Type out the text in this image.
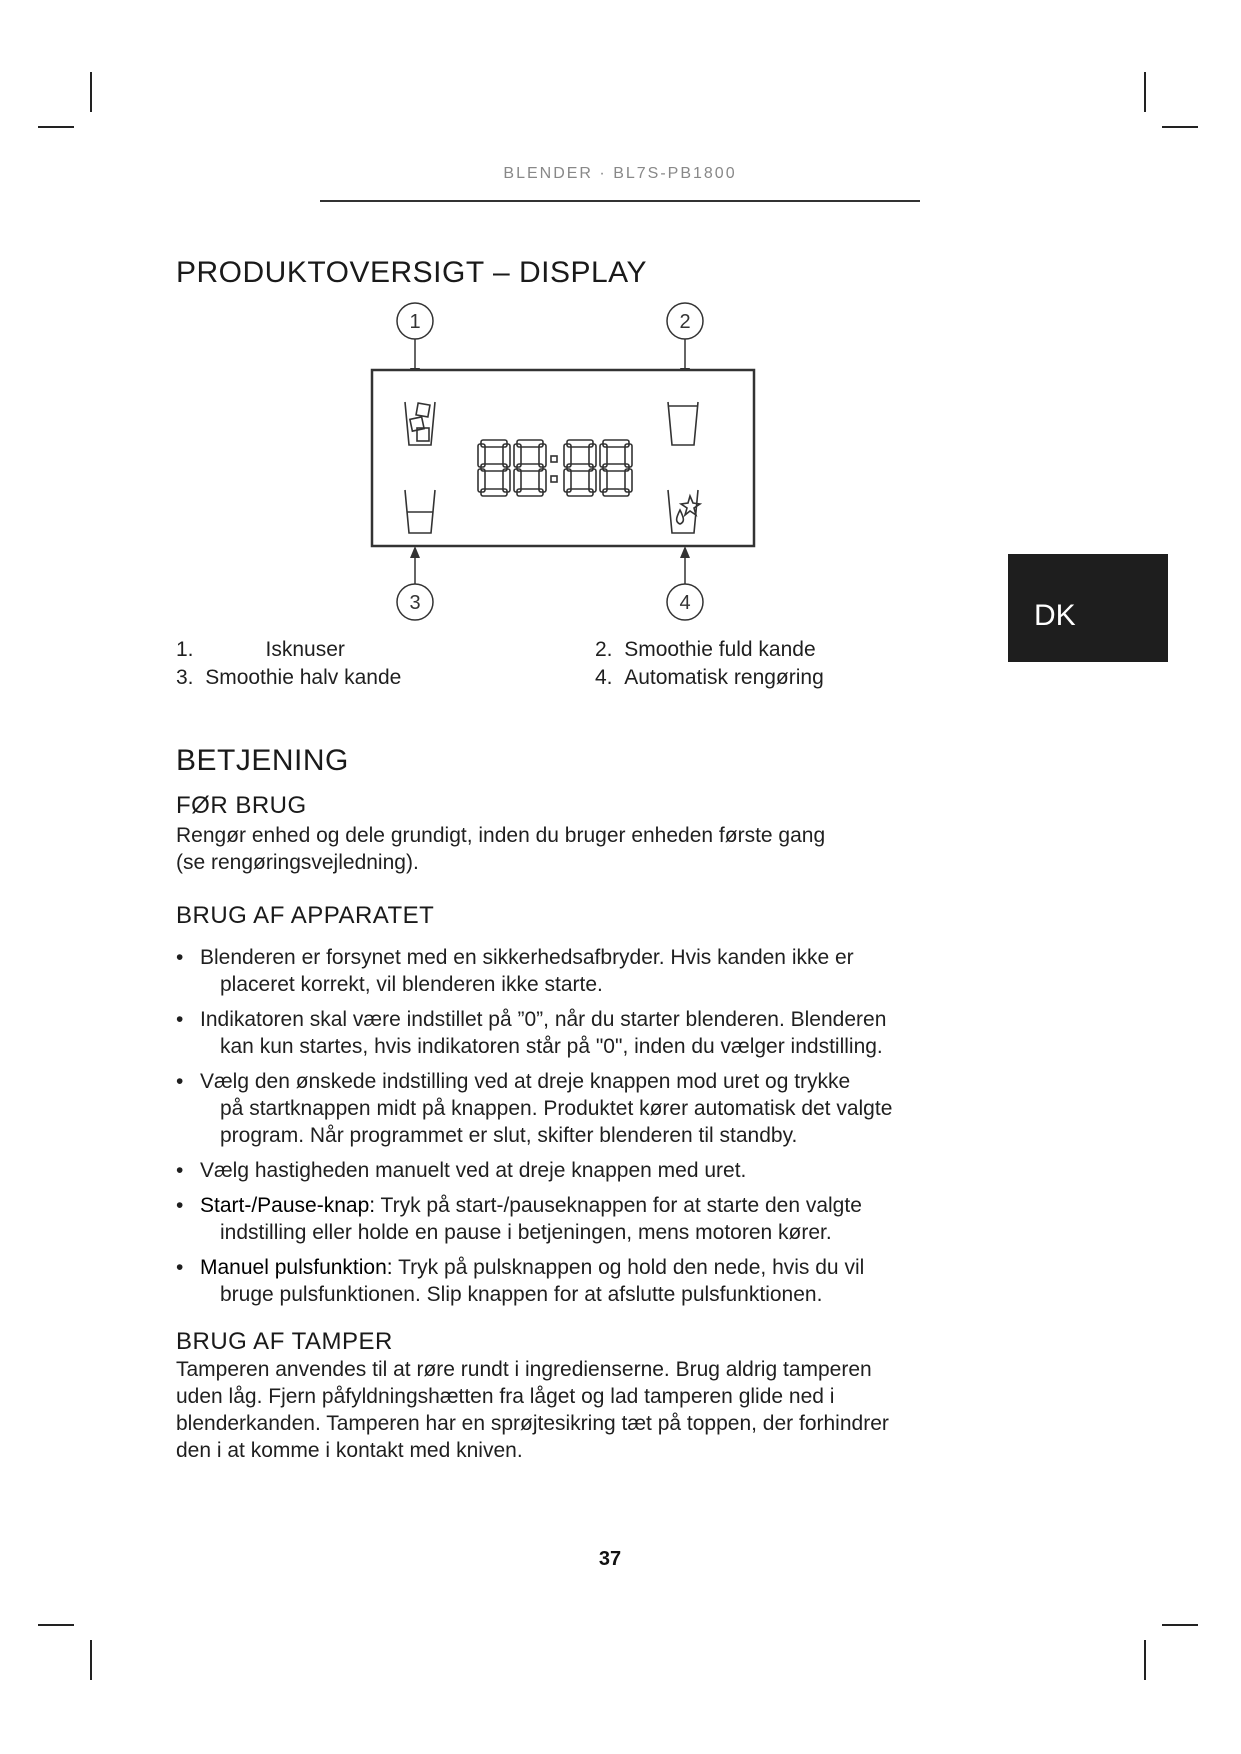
BLENDER · BL7S-PB1800
PRODUKTOVERSIGT – DISPLAY
1	2
3	4
1.	Isknuser	2. Smoothie fuld kande
3. Smoothie halv kande	4. Automatisk rengøring
DK
BETJENING
FØR BRUG

Rengør enhed og dele grundigt, inden du bruger enheden første gang
(se rengøringsvejledning).

BRUG AF APPARATET
• Blenderen er forsynet med en sikkerhedsafbryder. Hvis kanden ikke er
placeret korrekt, vil blenderen ikke starte.
• Indikatoren skal være indstillet på ”0”, når du starter blenderen. Blenderen
kan kun startes, hvis indikatoren står på "0", inden du vælger indstilling.
• Vælg den ønskede indstilling ved at dreje knappen mod uret og trykke
på startknappen midt på knappen. Produktet kører automatisk det valgte
program. Når programmet er slut, skifter blenderen til standby.
• Vælg hastigheden manuelt ved at dreje knappen med uret.
• Start-/Pause-knap: Tryk på start-/pauseknappen for at starte den valgte
indstilling eller holde en pause i betjeningen, mens motoren kører.
• Manuel pulsfunktion: Tryk på pulsknappen og hold den nede, hvis du vil
bruge pulsfunktionen. Slip knappen for at afslutte pulsfunktionen.
BRUG AF TAMPER

Tamperen anvendes til at røre rundt i ingredienserne. Brug aldrig tamperen
uden låg. Fjern påfyldningshætten fra låget og lad tamperen glide ned i
blenderkanden. Tamperen har en sprøjtesikring tæt på toppen, der forhindrer
den i at komme i kontakt med kniven.

37
